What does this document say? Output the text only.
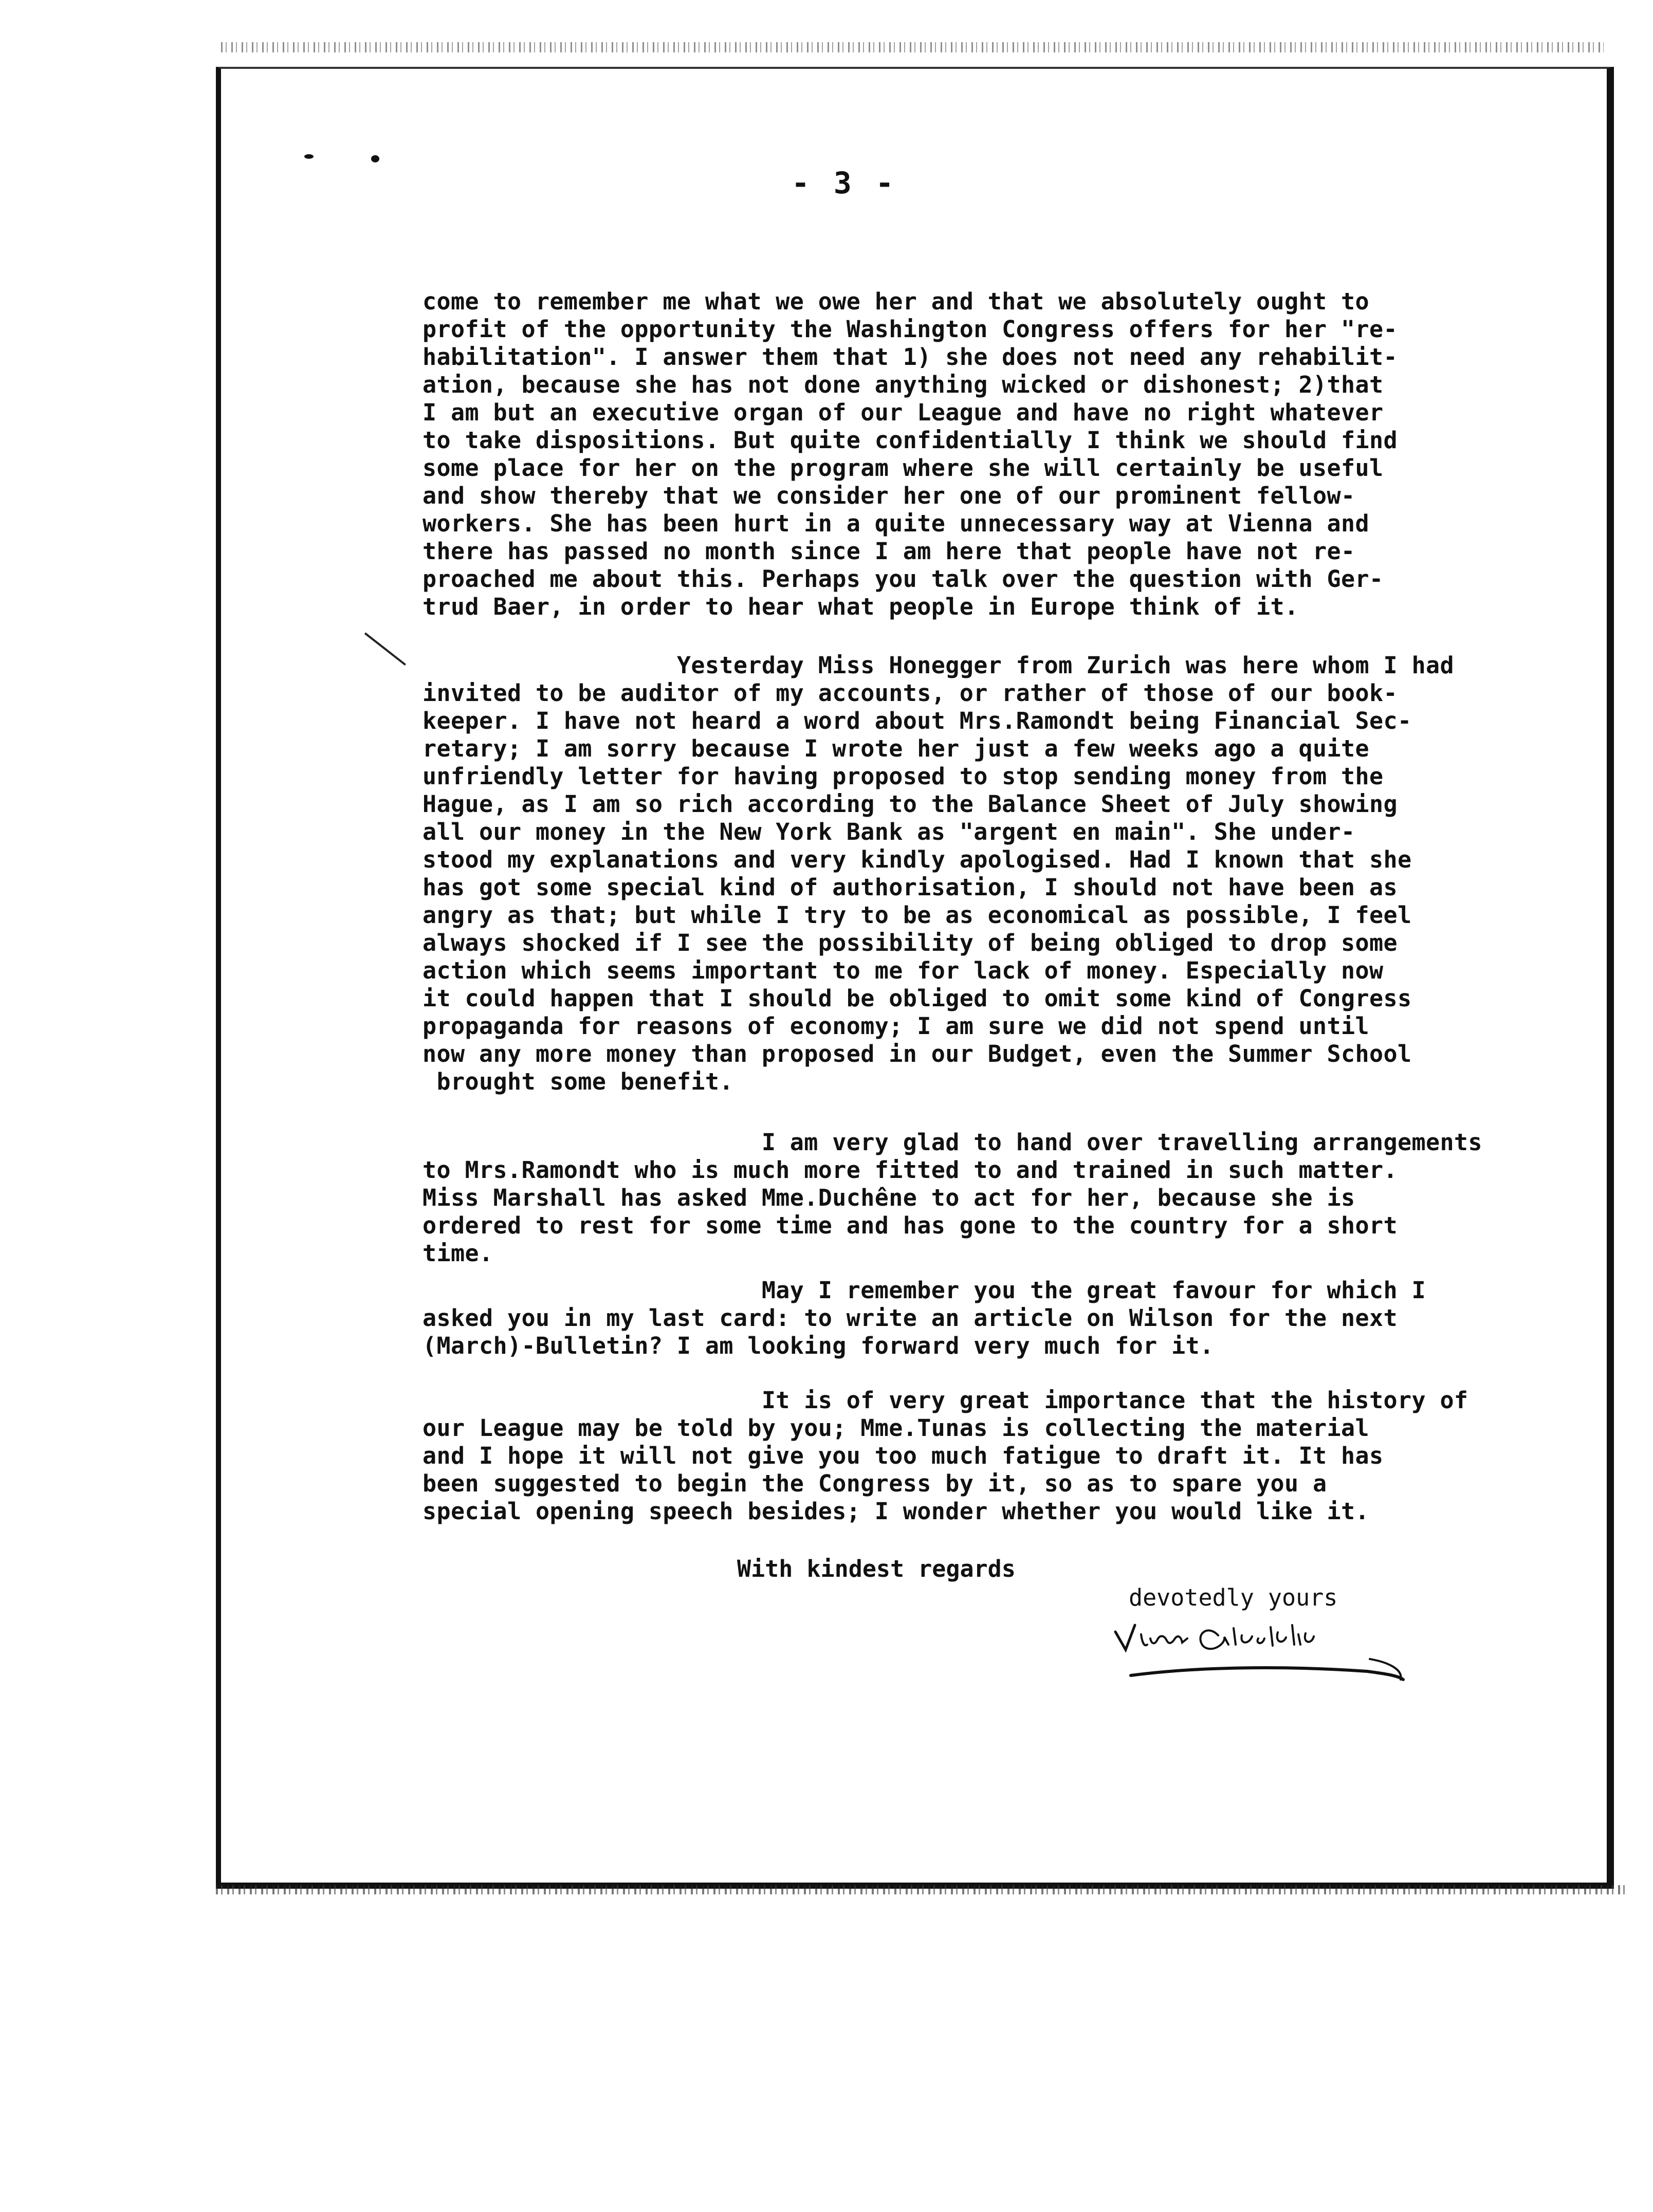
- 3 -
come to remember me what we owe her and that we absolutely ought to
profit of the opportunity the Washington Congress offers for her "re-
habilitation". I answer them that 1) she does not need any rehabilit-
ation, because she has not done anything wicked or dishonest; 2)that
I am but an executive organ of our League and have no right whatever
to take dispositions. But quite confidentially I think we should find
some place for her on the program where she will certainly be useful
and show thereby that we consider her one of our prominent fellow-
workers. She has been hurt in a quite unnecessary way at Vienna and
there has passed no month since I am here that people have not re-
proached me about this. Perhaps you talk over the question with Ger-
trud Baer, in order to hear what people in Europe think of it.
Yesterday Miss Honegger from Zurich was here whom I had
invited to be auditor of my accounts, or rather of those of our book-
keeper. I have not heard a word about Mrs.Ramondt being Financial Sec-
retary; I am sorry because I wrote her just a few weeks ago a quite
unfriendly letter for having proposed to stop sending money from the
Hague, as I am so rich according to the Balance Sheet of July showing
all our money in the New York Bank as "argent en main". She under-
stood my explanations and very kindly apologised. Had I known that she
has got some special kind of authorisation, I should not have been as
angry as that; but while I try to be as economical as possible, I feel
always shocked if I see the possibility of being obliged to drop some
action which seems important to me for lack of money. Especially now
it could happen that I should be obliged to omit some kind of Congress
propaganda for reasons of economy; I am sure we did not spend until
now any more money than proposed in our Budget, even the Summer School
brought some benefit.
I am very glad to hand over travelling arrangements
to Mrs.Ramondt who is much more fitted to and trained in such matter.
Miss Marshall has asked Mme.Duchêne to act for her, because she is
ordered to rest for some time and has gone to the country for a short
time.
May I remember you the great favour for which I
asked you in my last card: to write an article on Wilson for the next
(March)-Bulletin? I am looking forward very much for it.
It is of very great importance that the history of
our League may be told by you; Mme.Tunas is collecting the material
and I hope it will not give you too much fatigue to draft it. It has
been suggested to begin the Congress by it, so as to spare you a
special opening speech besides; I wonder whether you would like it.
With kindest regards
devotedly yours
